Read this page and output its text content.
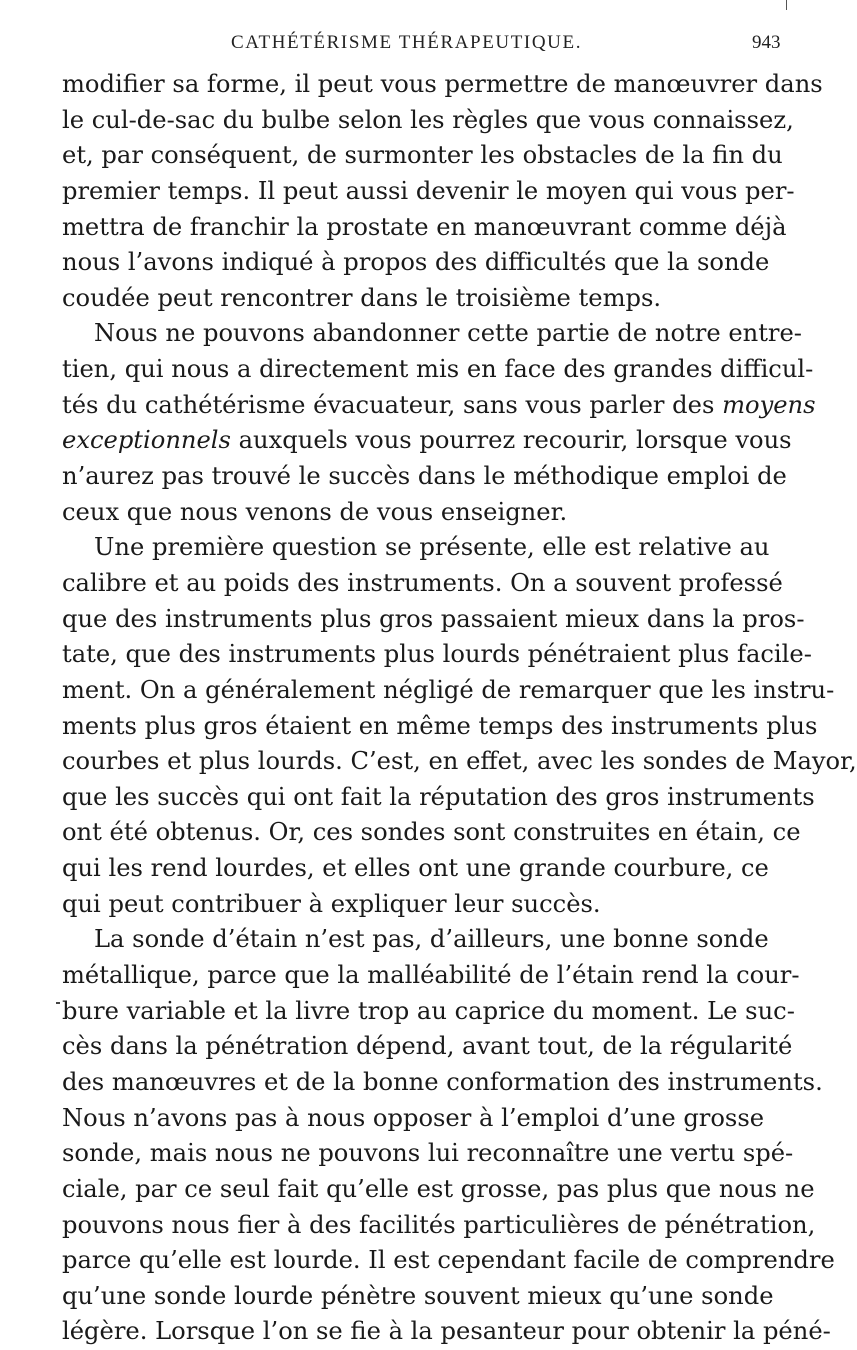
CATHÉTÉRISME THÉRAPEUTIQUE.	943
modifier sa forme, il peut vous permettre de manœuvrer dans
le cul-de-sac du bulbe selon les règles que vous connaissez,
et, par conséquent, de surmonter les obstacles de la fin du
premier temps. Il peut aussi devenir le moyen qui vous per-
mettra de franchir la prostate en manœuvrant comme déjà
nous l’avons indiqué à propos des difficultés que la sonde
coudée peut rencontrer dans le troisième temps.
Nous ne pouvons abandonner cette partie de notre entre-
tien, qui nous a directement mis en face des grandes difficul-
tés du cathétérisme évacuateur, sans vous parler des moyens
exceptionnels auxquels vous pourrez recourir, lorsque vous
n’aurez pas trouvé le succès dans le méthodique emploi de
ceux que nous venons de vous enseigner.
Une première question se présente, elle est relative au
calibre et au poids des instruments. On a souvent professé
que des instruments plus gros passaient mieux dans la pros-
tate, que des instruments plus lourds pénétraient plus facile-
ment. On a généralement négligé de remarquer que les instru-
ments plus gros étaient en même temps des instruments plus
courbes et plus lourds. C’est, en effet, avec les sondes de Mayor,
que les succès qui ont fait la réputation des gros instruments
ont été obtenus. Or, ces sondes sont construites en étain, ce
qui les rend lourdes, et elles ont une grande courbure, ce
qui peut contribuer à expliquer leur succès.
La sonde d’étain n’est pas, d’ailleurs, une bonne sonde
métallique, parce que la malléabilité de l’étain rend la cour-
bure variable et la livre trop au caprice du moment. Le suc-
cès dans la pénétration dépend, avant tout, de la régularité
des manœuvres et de la bonne conformation des instruments.
Nous n’avons pas à nous opposer à l’emploi d’une grosse
sonde, mais nous ne pouvons lui reconnaître une vertu spé-
ciale, par ce seul fait qu’elle est grosse, pas plus que nous ne
pouvons nous fier à des facilités particulières de pénétration,
parce qu’elle est lourde. Il est cependant facile de comprendre
qu’une sonde lourde pénètre souvent mieux qu’une sonde
légère. Lorsque l’on se fie à la pesanteur pour obtenir la péné-
